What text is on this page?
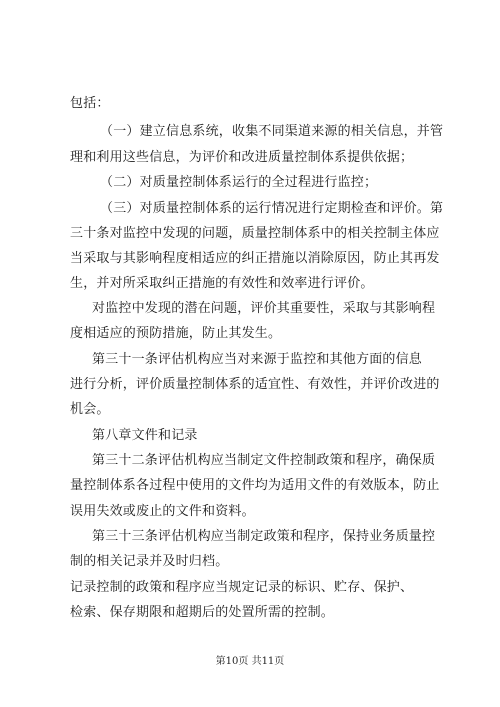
包括：
（一）建立信息系统，收集不同渠道来源的相关信息，并管
理和利用这些信息，为评价和改进质量控制体系提供依据；
（二）对质量控制体系运行的全过程进行监控；
（三）对质量控制体系的运行情况进行定期检查和评价。第
三十条对监控中发现的问题，质量控制体系中的相关控制主体应
当采取与其影响程度相适应的纠正措施以消除原因，防止其再发
生，并对所采取纠正措施的有效性和效率进行评价。
对监控中发现的潜在问题，评价其重要性，采取与其影响程
度相适应的预防措施，防止其发生。
第三十一条评估机构应当对来源于监控和其他方面的信息
进行分析，评价质量控制体系的适宜性、有效性，并评价改进的
机会。
第八章文件和记录
第三十二条评估机构应当制定文件控制政策和程序，确保质
量控制体系各过程中使用的文件均为适用文件的有效版本，防止
误用失效或废止的文件和资料。
第三十三条评估机构应当制定政策和程序，保持业务质量控
制的相关记录并及时归档。
记录控制的政策和程序应当规定记录的标识、贮存、保护、
检索、保存期限和超期后的处置所需的控制。
第10页 共11页
